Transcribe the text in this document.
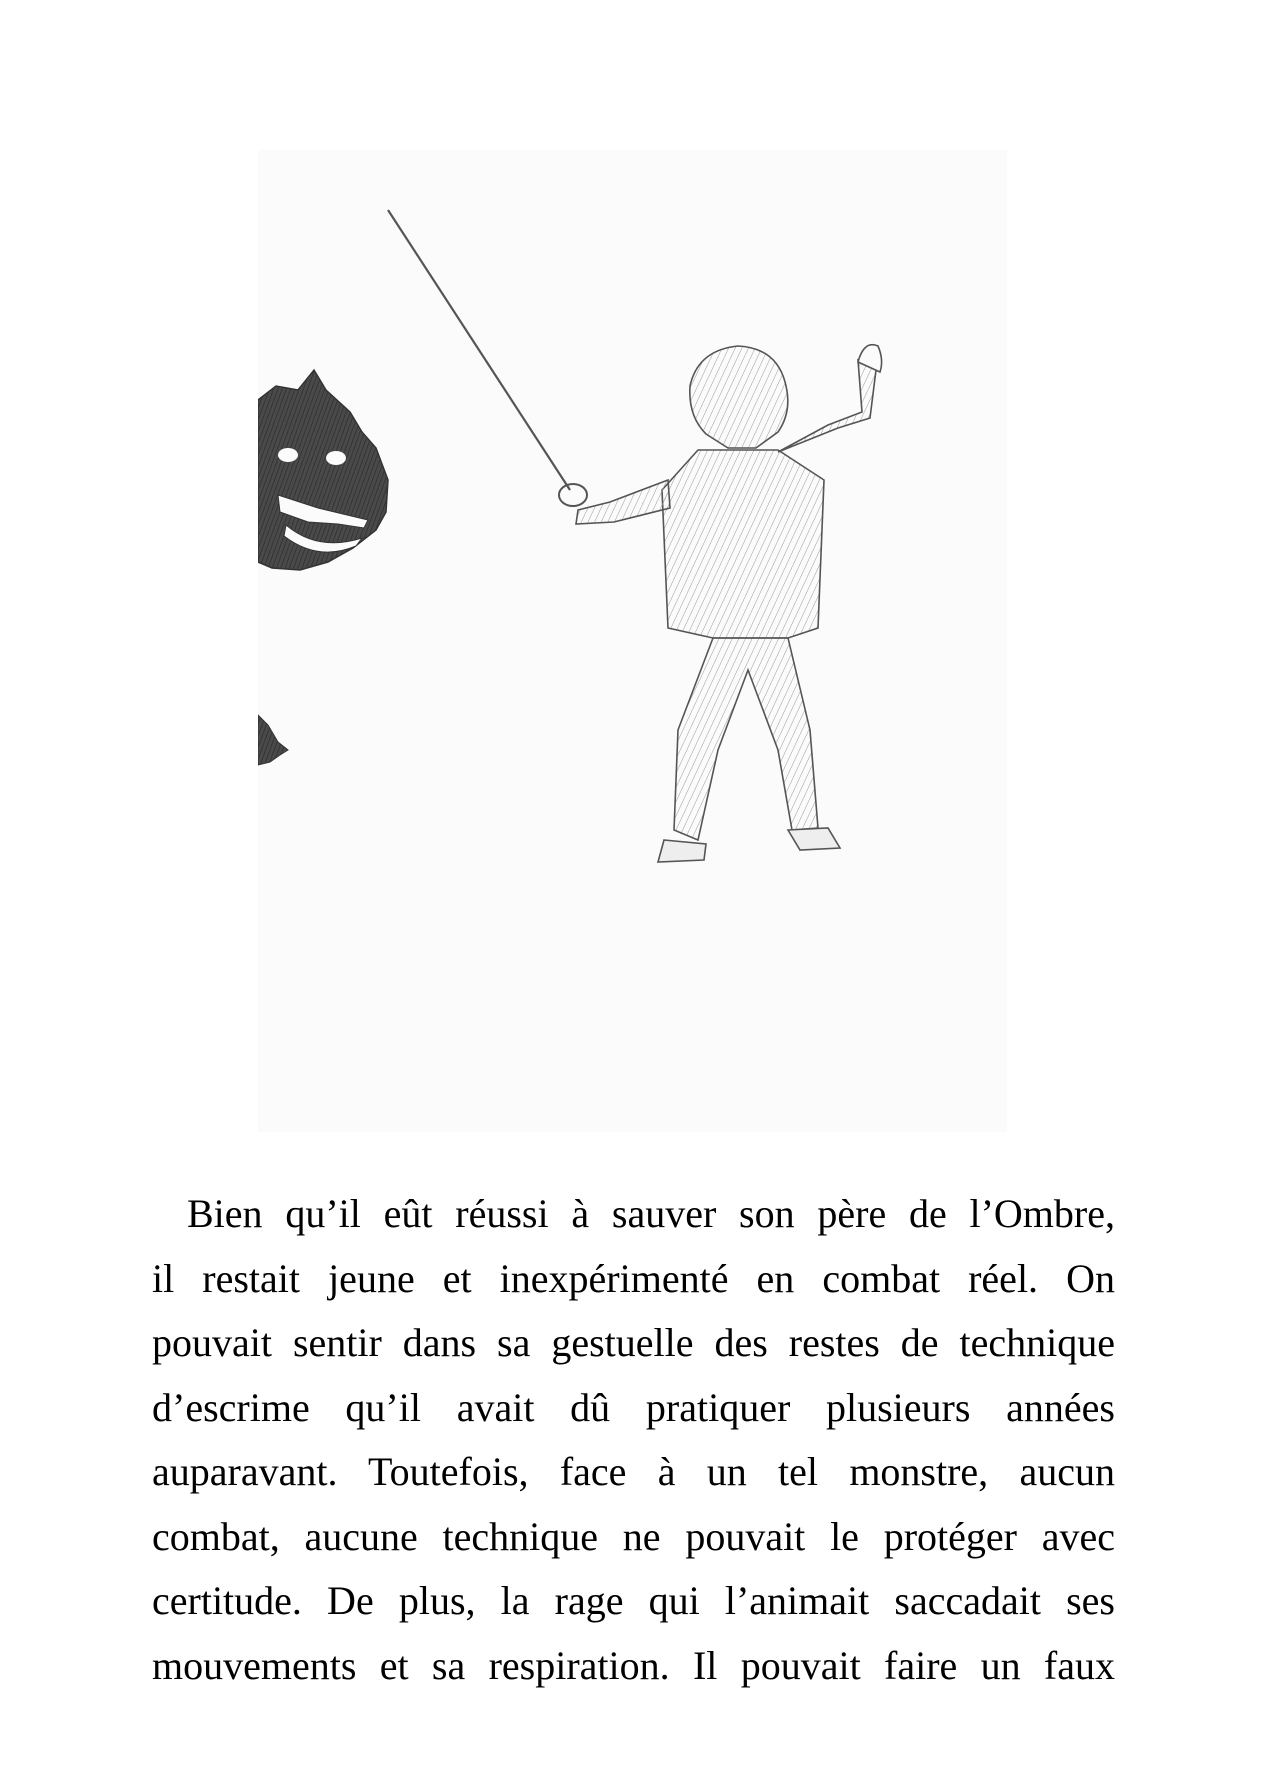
Bien qu’il eût réussi à sauver son père de l’Ombre,
il restait jeune et inexpérimenté en combat réel. On
pouvait sentir dans sa gestuelle des restes de technique
d’escrime qu’il avait dû pratiquer plusieurs années
auparavant. Toutefois, face à un tel monstre, aucun
combat, aucune technique ne pouvait le protéger avec
certitude. De plus, la rage qui l’animait saccadait ses
mouvements et sa respiration. Il pouvait faire un faux
